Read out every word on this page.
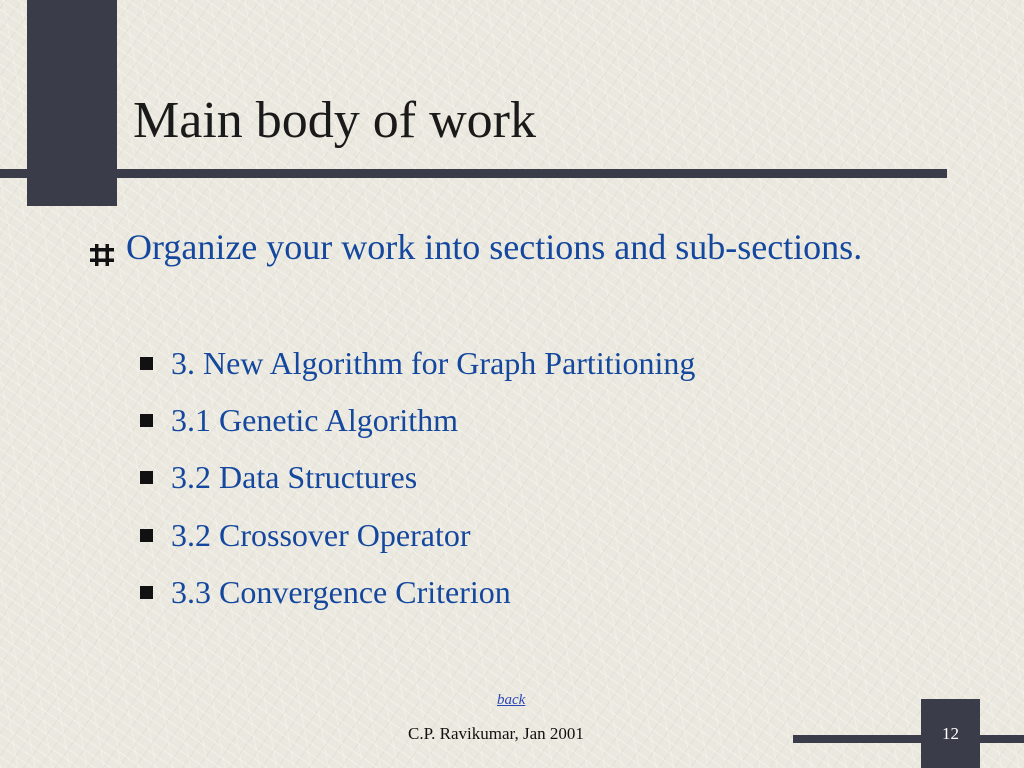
Main body of work
Organize your work into sections and sub-sections.
3. New Algorithm for Graph Partitioning
3.1 Genetic Algorithm
3.2 Data Structures
3.2 Crossover Operator
3.3 Convergence Criterion
back
C.P. Ravikumar, Jan 2001	12
